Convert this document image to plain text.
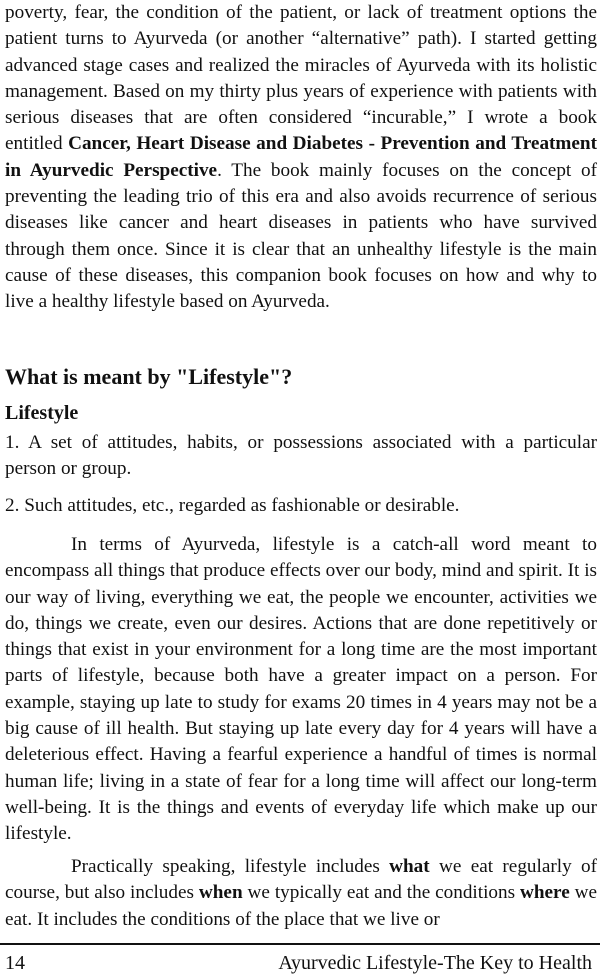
poverty, fear, the condition of the patient, or lack of treatment options the patient turns to Ayurveda (or another “alternative” path). I started getting advanced stage cases and realized the miracles of Ayurveda with its holistic management. Based on my thirty plus years of experience with patients with serious diseases that are often considered “incurable,” I wrote a book entitled Cancer, Heart Disease and Diabetes - Prevention and Treatment in Ayurvedic Perspective. The book mainly focuses on the concept of preventing the leading trio of this era and also avoids recurrence of serious diseases like cancer and heart diseases in patients who have survived through them once. Since it is clear that an unhealthy lifestyle is the main cause of these diseases, this companion book focuses on how and why to live a healthy lifestyle based on Ayurveda.

What is meant by "Lifestyle"?
Lifestyle

1. A set of attitudes, habits, or possessions associated with a particular person or group.

2. Such attitudes, etc., regarded as fashionable or desirable.

In terms of Ayurveda, lifestyle is a catch-all word meant to encompass all things that produce effects over our body, mind and spirit. It is our way of living, everything we eat, the people we encounter, activities we do, things we create, even our desires. Actions that are done repetitively or things that exist in your environment for a long time are the most important parts of lifestyle, because both have a greater impact on a person. For example, staying up late to study for exams 20 times in 4 years may not be a big cause of ill health. But staying up late every day for 4 years will have a deleterious effect. Having a fearful experience a handful of times is normal human life; living in a state of fear for a long time will affect our long-term well-being. It is the things and events of everyday life which make up our lifestyle.

Practically speaking, lifestyle includes what we eat regularly of course, but also includes when we typically eat and the conditions where we eat. It includes the conditions of the place that we live or

14	Ayurvedic Lifestyle-The Key to Health
